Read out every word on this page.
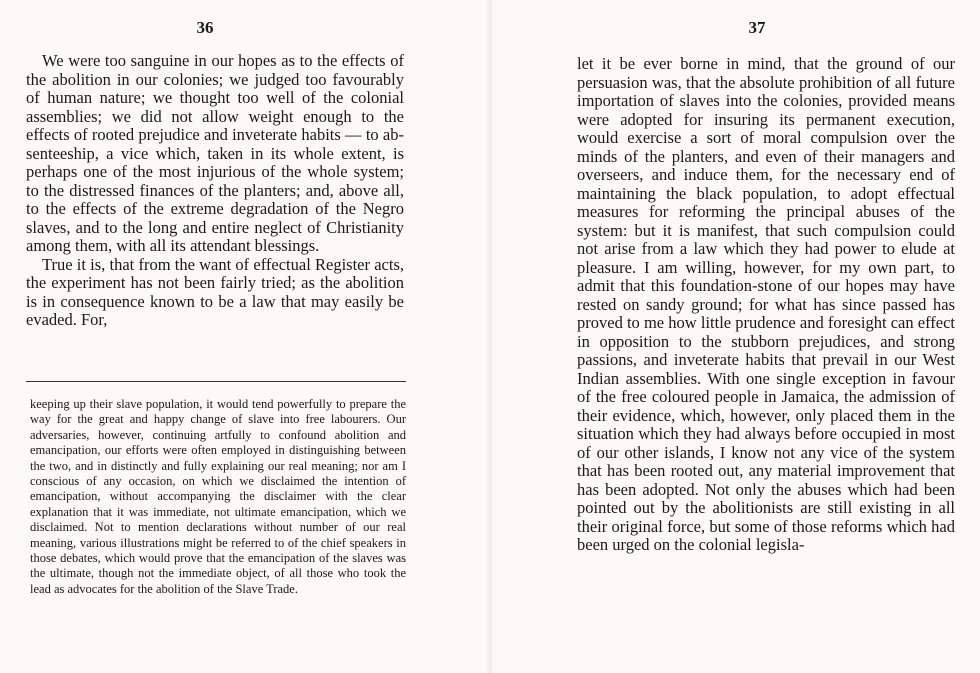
36

We were too sanguine in our hopes as to the effects of the abolition in our colonies; we judged too favourably of human nature; we thought too well of the colonial assemblies; we did not allow weight enough to the effects of rooted prejudice and inveterate habits — to absenteeship, a vice which, taken in its whole extent, is perhaps one of the most injurious of the whole system; to the distressed finances of the planters; and, above all, to the effects of the extreme degradation of the Negro slaves, and to the long and entire neglect of Christianity among them, with all its attendant blessings.

True it is, that from the want of effectual Register acts, the experiment has not been fairly tried; as the abolition is in consequence known to be a law that may easily be evaded. For,

keeping up their slave population, it would tend powerfully to prepare the way for the great and happy change of slave into free labourers. Our adversaries, however, continuing artfully to confound abolition and emancipation, our efforts were often employed in distinguishing between the two, and in distinctly and fully explaining our real meaning; nor am I conscious of any occasion, on which we disclaimed the intention of emancipation, without accompanying the disclaimer with the clear explanation that it was immediate, not ultimate emancipation, which we disclaimed. Not to mention declarations without number of our real meaning, various illustrations might be referred to of the chief speakers in those debates, which would prove that the emancipation of the slaves was the ultimate, though not the immediate object, of all those who took the lead as advocates for the abolition of the Slave Trade.

37

let it be ever borne in mind, that the ground of our persuasion was, that the absolute prohibition of all future importation of slaves into the colonies, provided means were adopted for insuring its permanent execution, would exercise a sort of moral compulsion over the minds of the planters, and even of their managers and overseers, and induce them, for the necessary end of maintaining the black population, to adopt effectual measures for reforming the principal abuses of the system: but it is manifest, that such compulsion could not arise from a law which they had power to elude at pleasure. I am willing, however, for my own part, to admit that this foundation-stone of our hopes may have rested on sandy ground; for what has since passed has proved to me how little prudence and foresight can effect in opposition to the stubborn prejudices, and strong passions, and inveterate habits that prevail in our West Indian assemblies. With one single exception in favour of the free coloured people in Jamaica, the admission of their evidence, which, however, only placed them in the situation which they had always before occupied in most of our other islands, I know not any vice of the system that has been rooted out, any material improvement that has been adopted. Not only the abuses which had been pointed out by the abolitionists are still existing in all their original force, but some of those reforms which had been urged on the colonial legisla-
